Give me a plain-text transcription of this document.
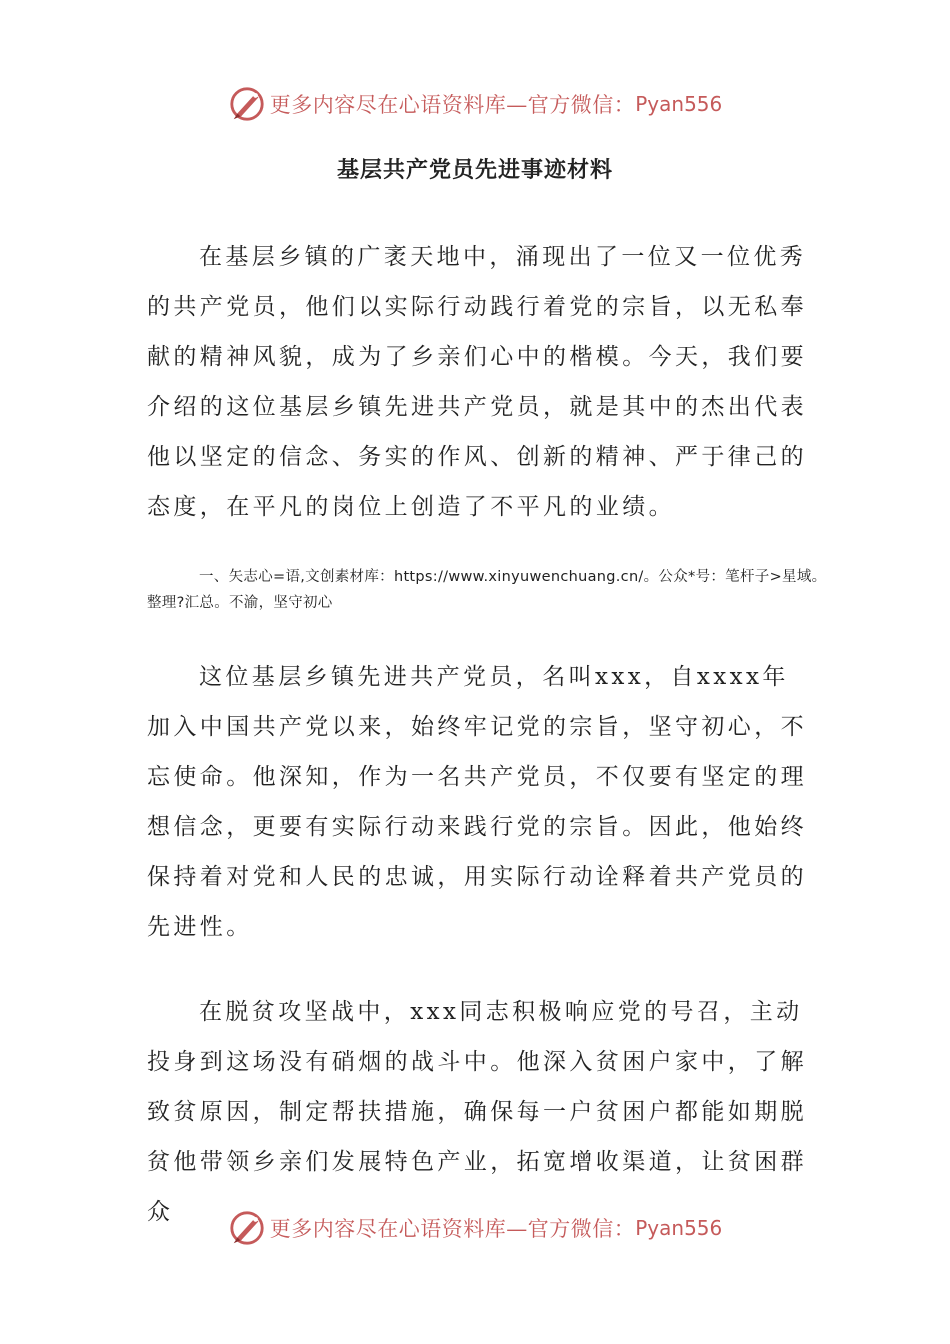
更多内容尽在心语资料库—官方微信： Pyan556
基层共产党员先进事迹材料

在基层乡镇的广袤天地中，涌现出了一位又一位优秀的共产党员，他们以实际行动践行着党的宗旨，以无私奉献的精神风貌，成为了乡亲们心中的楷模。今天，我们要介绍的这位基层乡镇先进共产党员，就是其中的杰出代表他以坚定的信念、务实的作风、创新的精神、严于律己的态度，在平凡的岗位上创造了不平凡的业绩。

一、矢志心=语,文创素材库：https://www.xinyuwenchuang.cn/。公众*号：笔杆子>星域。整理?汇总。不渝，坚守初心

这位基层乡镇先进共产党员，名叫xxx，自xxxx年加入中国共产党以来，始终牢记党的宗旨，坚守初心，不忘使命。他深知，作为一名共产党员，不仅要有坚定的理想信念，更要有实际行动来践行党的宗旨。因此，他始终保持着对党和人民的忠诚，用实际行动诠释着共产党员的先进性。

在脱贫攻坚战中，xxx同志积极响应党的号召，主动投身到这场没有硝烟的战斗中。他深入贫困户家中，了解致贫原因，制定帮扶措施，确保每一户贫困户都能如期脱贫他带领乡亲们发展特色产业，拓宽增收渠道，让贫困群众

更多内容尽在心语资料库—官方微信： Pyan556
